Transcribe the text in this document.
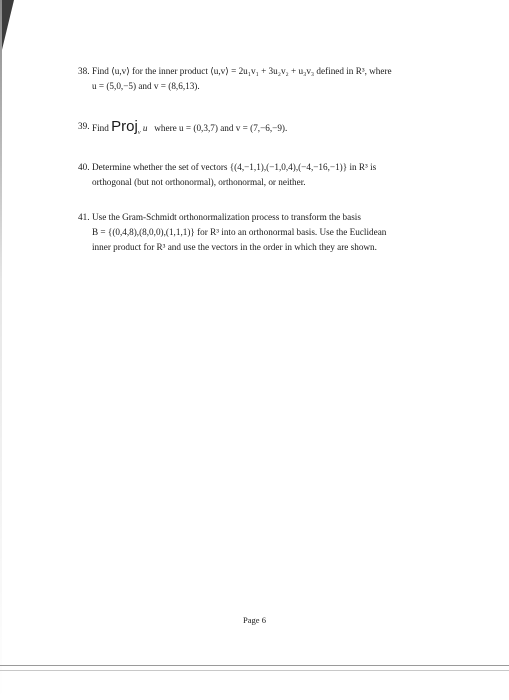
38. Find ⟨u,v⟩ for the inner product ⟨u,v⟩ = 2u₁v₁ + 3u₂v₂ + u₃v₃ defined in R³, where
u = (5,0,−5) and v = (8,6,13).
39. Find Proj$_v$ u where u = (0,3,7) and v = (7,−6,−9).
40. Determine whether the set of vectors {(4,−1,1),(−1,0,4),(−4,−16,−1)} in R³ is
orthogonal (but not orthonormal), orthonormal, or neither.
41. Use the Gram-Schmidt orthonormalization process to transform the basis
B = {(0,4,8),(8,0,0),(1,1,1)} for R³ into an orthonormal basis. Use the Euclidean
inner product for R³ and use the vectors in the order in which they are shown.
Page 6
